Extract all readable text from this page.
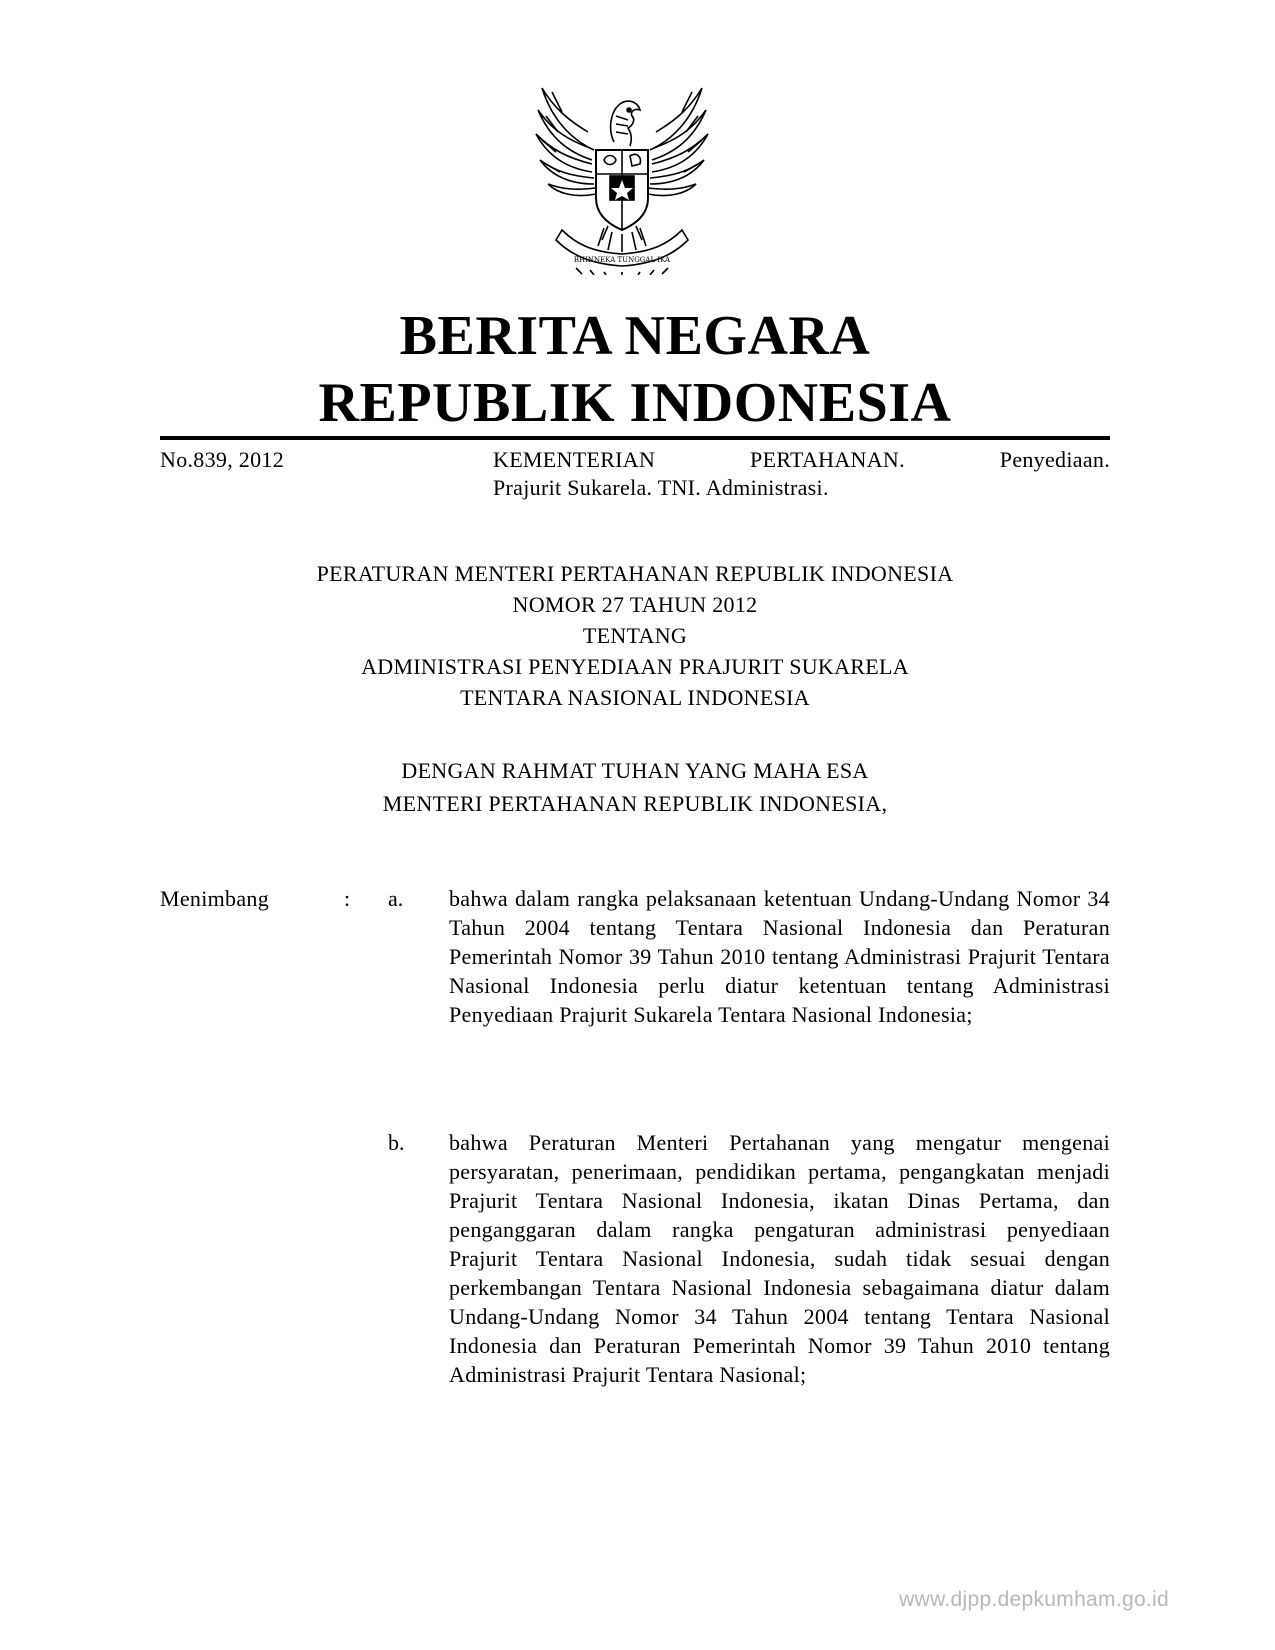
BHINNEKA TUNGGAL IKA
BERITA NEGARA
REPUBLIK INDONESIA
No.839, 2012	KEMENTERIAN PERTAHANAN. Penyediaan.
Prajurit Sukarela. TNI. Administrasi.
PERATURAN MENTERI PERTAHANAN REPUBLIK INDONESIA
NOMOR 27 TAHUN 2012
TENTANG
ADMINISTRASI PENYEDIAAN PRAJURIT SUKARELA
TENTARA NASIONAL INDONESIA
DENGAN RAHMAT TUHAN YANG MAHA ESA
MENTERI PERTAHANAN REPUBLIK INDONESIA,
Menimbang	: a. bahwa dalam rangka pelaksanaan ketentuan Undang-Undang Nomor 34 Tahun 2004 tentang Tentara Nasional Indonesia dan Peraturan Pemerintah Nomor 39 Tahun 2010 tentang Administrasi Prajurit Tentara Nasional Indonesia perlu diatur ketentuan tentang Administrasi Penyediaan Prajurit Sukarela Tentara Nasional Indonesia;
b. bahwa Peraturan Menteri Pertahanan yang mengatur mengenai persyaratan, penerimaan, pendidikan pertama, pengangkatan menjadi Prajurit Tentara Nasional Indonesia, ikatan Dinas Pertama, dan penganggaran dalam rangka pengaturan administrasi penyediaan Prajurit Tentara Nasional Indonesia, sudah tidak sesuai dengan perkembangan Tentara Nasional Indonesia sebagaimana diatur dalam Undang-Undang Nomor 34 Tahun 2004 tentang Tentara Nasional Indonesia dan Peraturan Pemerintah Nomor 39 Tahun 2010 tentang Administrasi Prajurit Tentara Nasional;
www.djpp.depkumham.go.id
